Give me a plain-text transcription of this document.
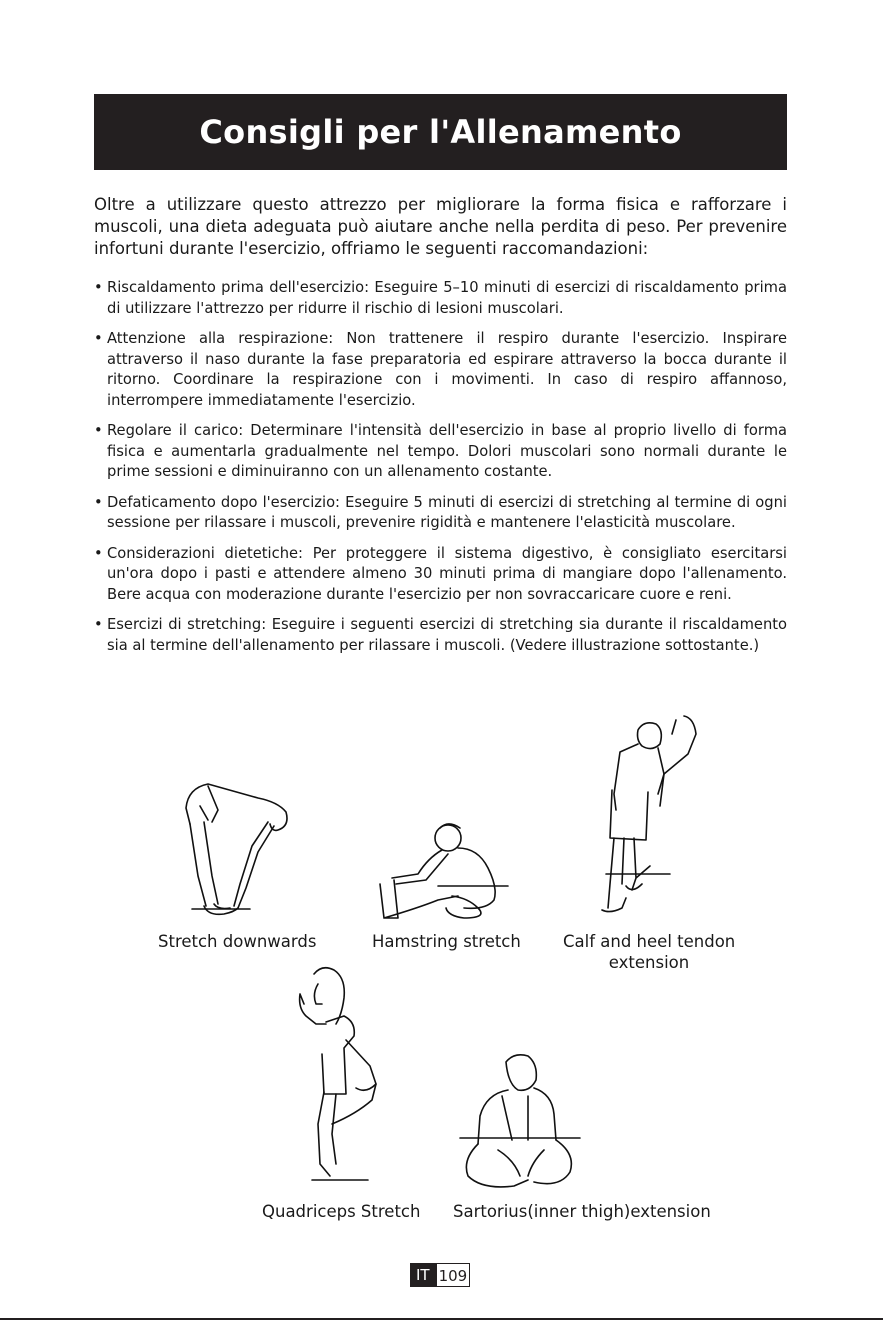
Consigli per l'Allenamento

Oltre a utilizzare questo attrezzo per migliorare la forma fisica e rafforzare i muscoli, una dieta adeguata può aiutare anche nella perdita di peso. Per prevenire infortuni durante l'esercizio, offriamo le seguenti raccomandazioni:

• Riscaldamento prima dell'esercizio: Eseguire 5–10 minuti di esercizi di riscaldamento prima di utilizzare l'attrezzo per ridurre il rischio di lesioni muscolari.
• Attenzione alla respirazione: Non trattenere il respiro durante l'esercizio. Inspirare attraverso il naso durante la fase preparatoria ed espirare attraverso la bocca durante il ritorno. Coordinare la respirazione con i movimenti. In caso di respiro affannoso, interrompere immediatamente l'esercizio.
• Regolare il carico: Determinare l'intensità dell'esercizio in base al proprio livello di forma fisica e aumentarla gradualmente nel tempo. Dolori muscolari sono normali durante le prime sessioni e diminuiranno con un allenamento costante.
• Defaticamento dopo l'esercizio: Eseguire 5 minuti di esercizi di stretching al termine di ogni sessione per rilassare i muscoli, prevenire rigidità e mantenere l'elasticità muscolare.
• Considerazioni dietetiche: Per proteggere il sistema digestivo, è consigliato esercitarsi un'ora dopo i pasti e attendere almeno 30 minuti prima di mangiare dopo l'allenamento. Bere acqua con moderazione durante l'esercizio per non sovraccaricare cuore e reni.
• Esercizi di stretching: Eseguire i seguenti esercizi di stretching sia durante il riscaldamento sia al termine dell'allenamento per rilassare i muscoli. (Vedere illustrazione sottostante.)
Stretch downwards	Hamstring stretch	Calf and heel tendon
extension
Quadriceps Stretch Sartorius(inner thigh)extension
IT 109
